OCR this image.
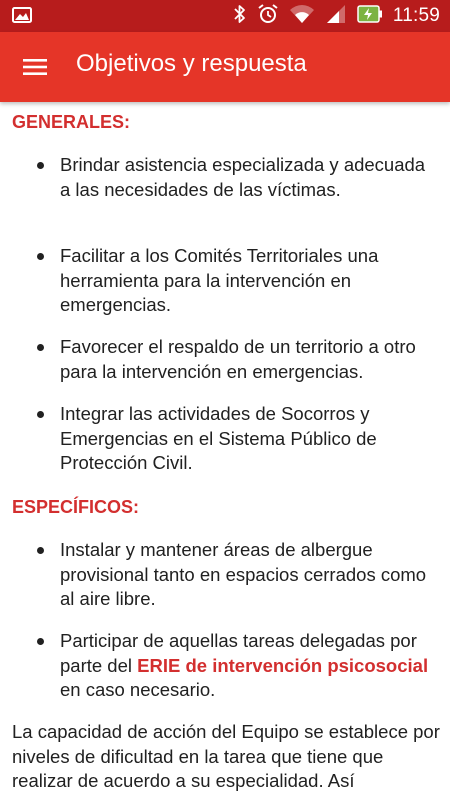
11:59
Objetivos y respuesta
GENERALES:
Brindar asistencia especializada y adecuada a las necesidades de las víctimas.
Facilitar a los Comités Territoriales una herramienta para la intervención en emergencias.
Favorecer el respaldo de un territorio a otro para la intervención en emergencias.
Integrar las actividades de Socorros y Emergencias en el Sistema Público de Protección Civil.
ESPECÍFICOS:
Instalar y mantener áreas de albergue provisional tanto en espacios cerrados como al aire libre.
Participar de aquellas tareas delegadas por parte del ERIE de intervención psicosocial en caso necesario.

La capacidad de acción del Equipo se establece por niveles de dificultad en la tarea que tiene que realizar de acuerdo a su especialidad. Así
